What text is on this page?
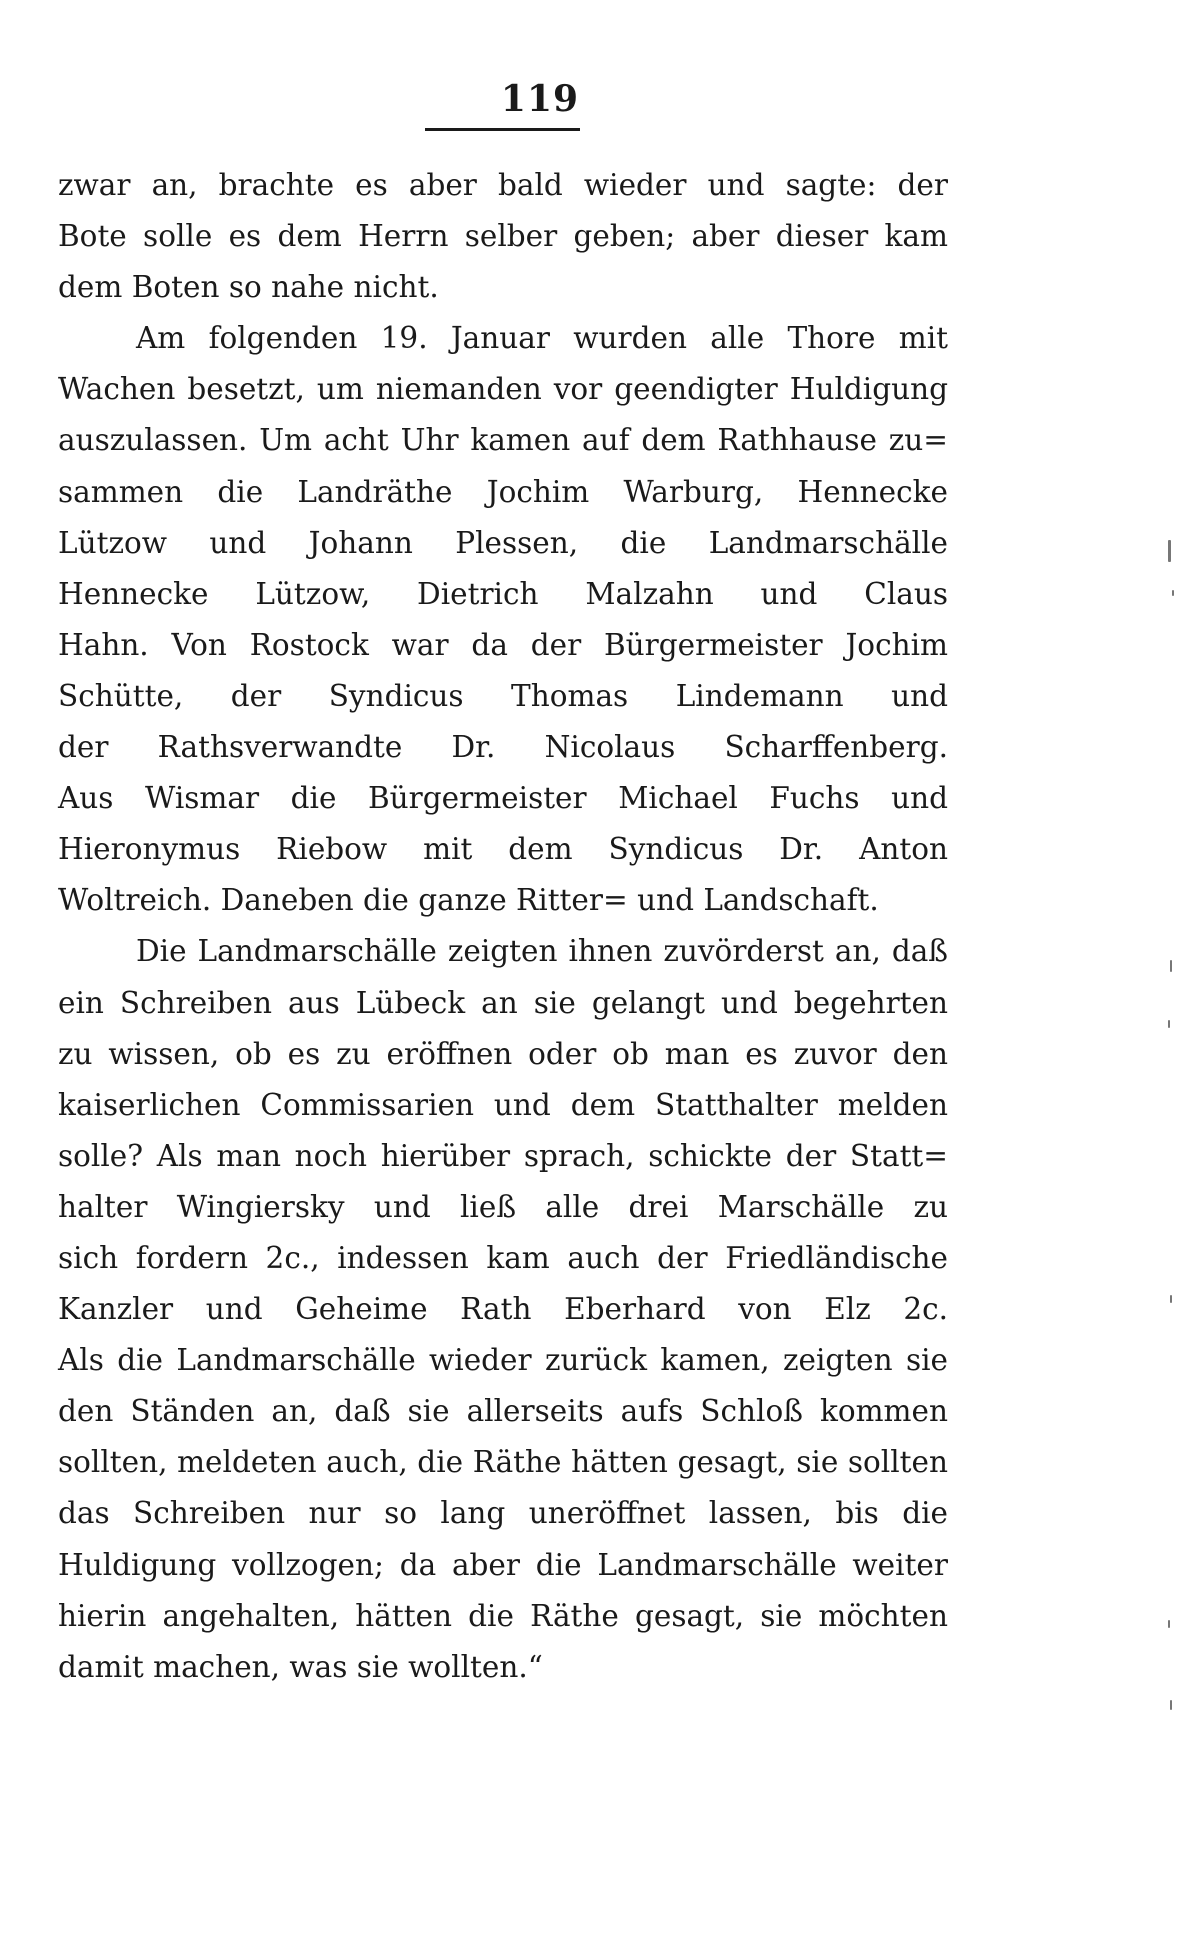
119
zwar an, brachte es aber bald wieder und sagte: der
Bote solle es dem Herrn selber geben; aber dieser kam
dem Boten so nahe nicht.
Am folgenden 19. Januar wurden alle Thore mit
Wachen besetzt, um niemanden vor geendigter Huldigung
auszulassen. Um acht Uhr kamen auf dem Rathhause zu=
sammen die Landräthe Jochim Warburg, Hennecke
Lützow und Johann Plessen, die Landmarschälle
Hennecke Lützow, Dietrich Malzahn und Claus
Hahn. Von Rostock war da der Bürgermeister Jochim
Schütte, der Syndicus Thomas Lindemann und
der Rathsverwandte Dr. Nicolaus Scharffenberg.
Aus Wismar die Bürgermeister Michael Fuchs und
Hieronymus Riebow mit dem Syndicus Dr. Anton
Woltreich. Daneben die ganze Ritter= und Landschaft.
Die Landmarschälle zeigten ihnen zuvörderst an, daß
ein Schreiben aus Lübeck an sie gelangt und begehrten
zu wissen, ob es zu eröffnen oder ob man es zuvor den
kaiserlichen Commissarien und dem Statthalter melden
solle? Als man noch hierüber sprach, schickte der Statt=
halter Wingiersky und ließ alle drei Marschälle zu
sich fordern 2c., indessen kam auch der Friedländische
Kanzler und Geheime Rath Eberhard von Elz 2c.
Als die Landmarschälle wieder zurück kamen, zeigten sie
den Ständen an, daß sie allerseits aufs Schloß kommen
sollten, meldeten auch, die Räthe hätten gesagt, sie sollten
das Schreiben nur so lang uneröffnet lassen, bis die
Huldigung vollzogen; da aber die Landmarschälle weiter
hierin angehalten, hätten die Räthe gesagt, sie möchten
damit machen, was sie wollten.“
